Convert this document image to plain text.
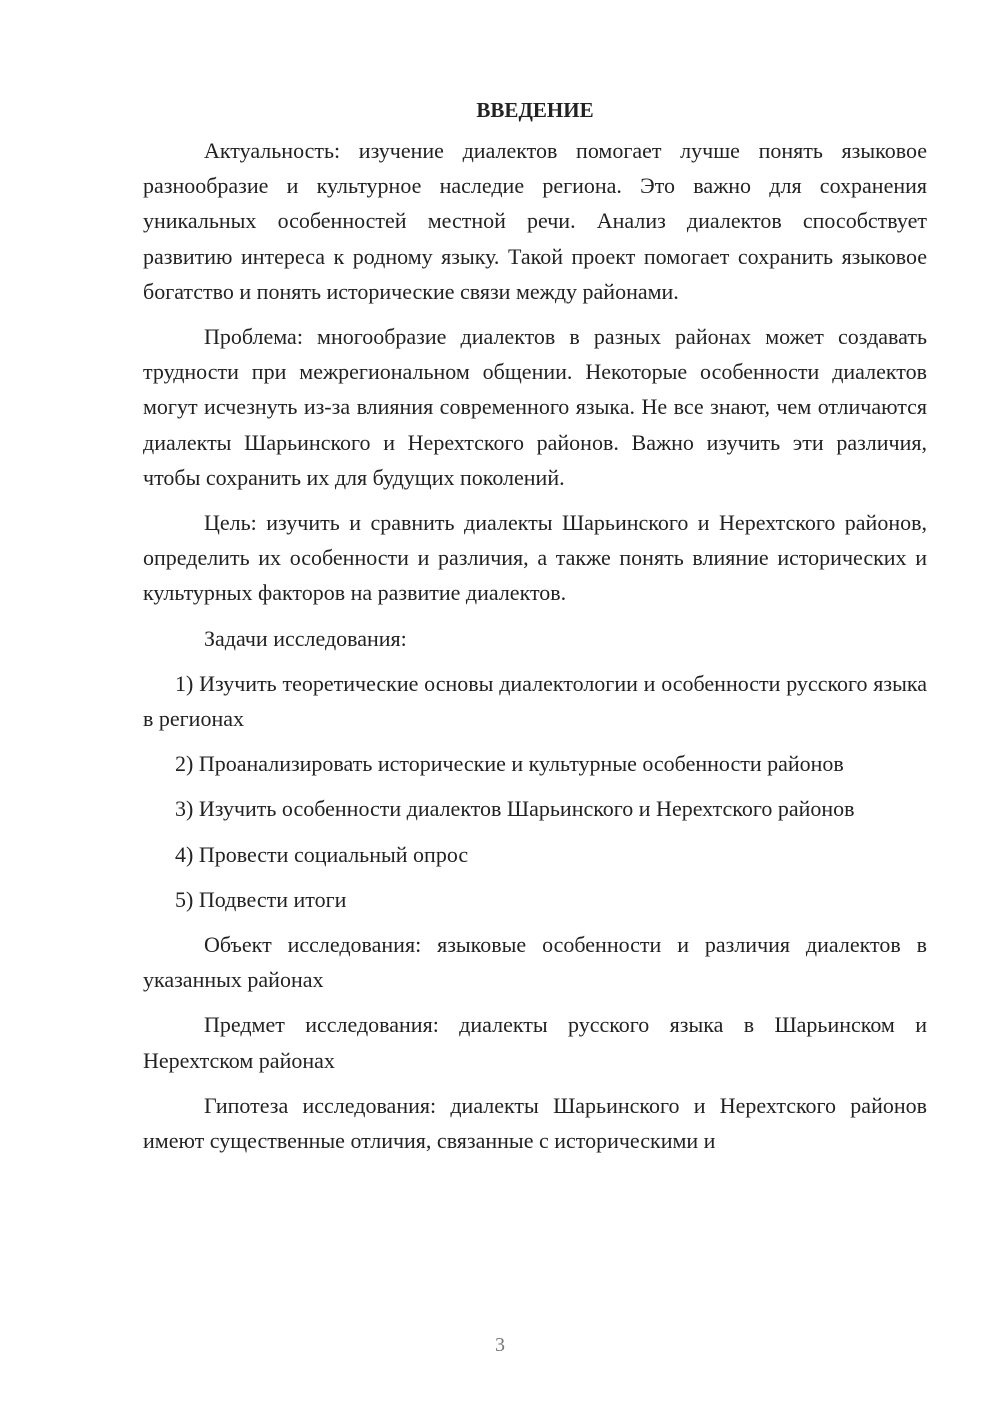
ВВЕДЕНИЕ

Актуальность: изучение диалектов помогает лучше понять языковое разнообразие и культурное наследие региона. Это важно для сохранения уникальных особенностей местной речи. Анализ диалектов способствует развитию интереса к родному языку. Такой проект помогает сохранить языковое богатство и понять исторические связи между районами.

Проблема: многообразие диалектов в разных районах может создавать трудности при межрегиональном общении. Некоторые особенности диалектов могут исчезнуть из-за влияния современного языка. Не все знают, чем отличаются диалекты Шарьинского и Нерехтского районов. Важно изучить эти различия, чтобы сохранить их для будущих поколений.

Цель: изучить и сравнить диалекты Шарьинского и Нерехтского районов, определить их особенности и различия, а также понять влияние исторических и культурных факторов на развитие диалектов.

Задачи исследования:

1) Изучить теоретические основы диалектологии и особенности русского языка в регионах

2) Проанализировать исторические и культурные особенности районов

3) Изучить особенности диалектов Шарьинского и Нерехтского районов

4) Провести социальный опрос

5) Подвести итоги

Объект исследования: языковые особенности и различия диалектов в указанных районах

Предмет исследования: диалекты русского языка в Шарьинском и Нерехтском районах

Гипотеза исследования: диалекты Шарьинского и Нерехтского районов имеют существенные отличия, связанные с историческими и

3
